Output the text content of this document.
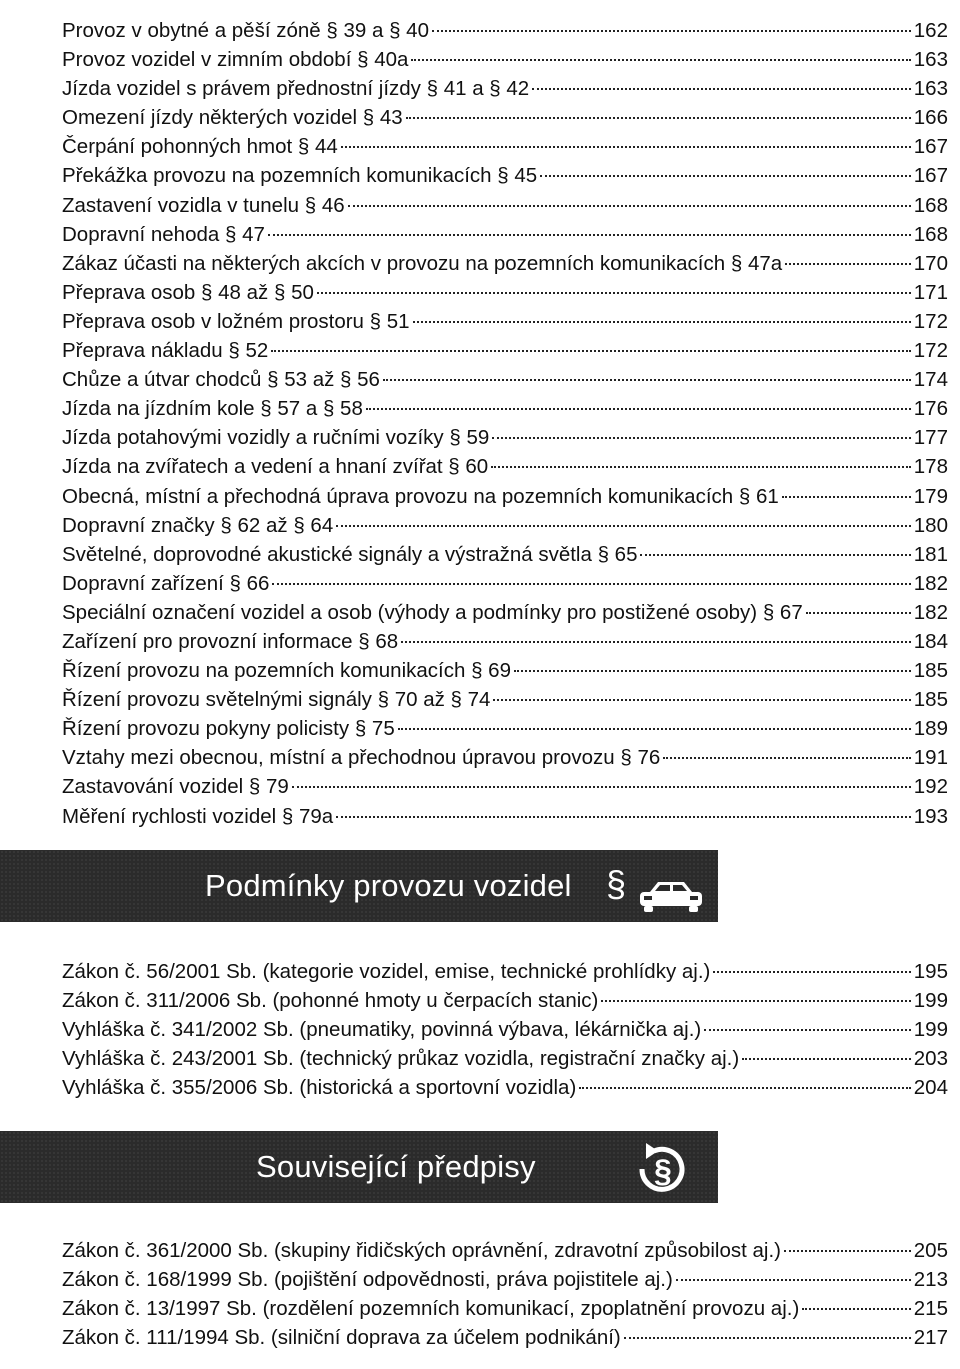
Provoz v obytné a pěší zóně § 39 a § 40	162
Provoz vozidel v zimním období § 40a	163
Jízda vozidel s právem přednostní jízdy § 41 a § 42	163
Omezení jízdy některých vozidel § 43	166
Čerpání pohonných hmot § 44	167
Překážka provozu na pozemních komunikacích § 45	167
Zastavení vozidla v tunelu § 46	168
Dopravní nehoda § 47	168
Zákaz účasti na některých akcích v provozu na pozemních komunikacích § 47a	170
Přeprava osob § 48 až § 50	171
Přeprava osob v ložném prostoru § 51	172
Přeprava nákladu § 52	172
Chůze a útvar chodců § 53 až § 56	174
Jízda na jízdním kole § 57 a § 58	176
Jízda potahovými vozidly a ručními vozíky § 59	177
Jízda na zvířatech a vedení a hnaní zvířat § 60	178
Obecná, místní a přechodná úprava provozu na pozemních komunikacích § 61	179
Dopravní značky § 62 až § 64	180
Světelné, doprovodné akustické signály a výstražná světla § 65	181
Dopravní zařízení § 66	182
Speciální označení vozidel a osob (výhody a podmínky pro postižené osoby) § 67	182
Zařízení pro provozní informace § 68	184
Řízení provozu na pozemních komunikacích § 69	185
Řízení provozu světelnými signály § 70 až § 74	185
Řízení provozu pokyny policisty § 75	189
Vztahy mezi obecnou, místní a přechodnou úpravou provozu § 76	191
Zastavování vozidel § 79	192
Měření rychlosti vozidel § 79a	193
Podmínky provozu vozidel §
Zákon č. 56/2001 Sb. (kategorie vozidel, emise, technické prohlídky aj.)	195
Zákon č. 311/2006 Sb. (pohonné hmoty u čerpacích stanic)	199
Vyhláška č. 341/2002 Sb. (pneumatiky, povinná výbava, lékárnička aj.)	199
Vyhláška č. 243/2001 Sb. (technický průkaz vozidla, registrační značky aj.)	203
Vyhláška č. 355/2006 Sb. (historická a sportovní vozidla)	204
Související předpisy	§
Zákon č. 361/2000 Sb. (skupiny řidičských oprávnění, zdravotní způsobilost aj.)	205
Zákon č. 168/1999 Sb. (pojištění odpovědnosti, práva pojistitele aj.)	213
Zákon č. 13/1997 Sb. (rozdělení pozemních komunikací, zpoplatnění provozu aj.)	215
Zákon č. 111/1994 Sb. (silniční doprava za účelem podnikání)	217
